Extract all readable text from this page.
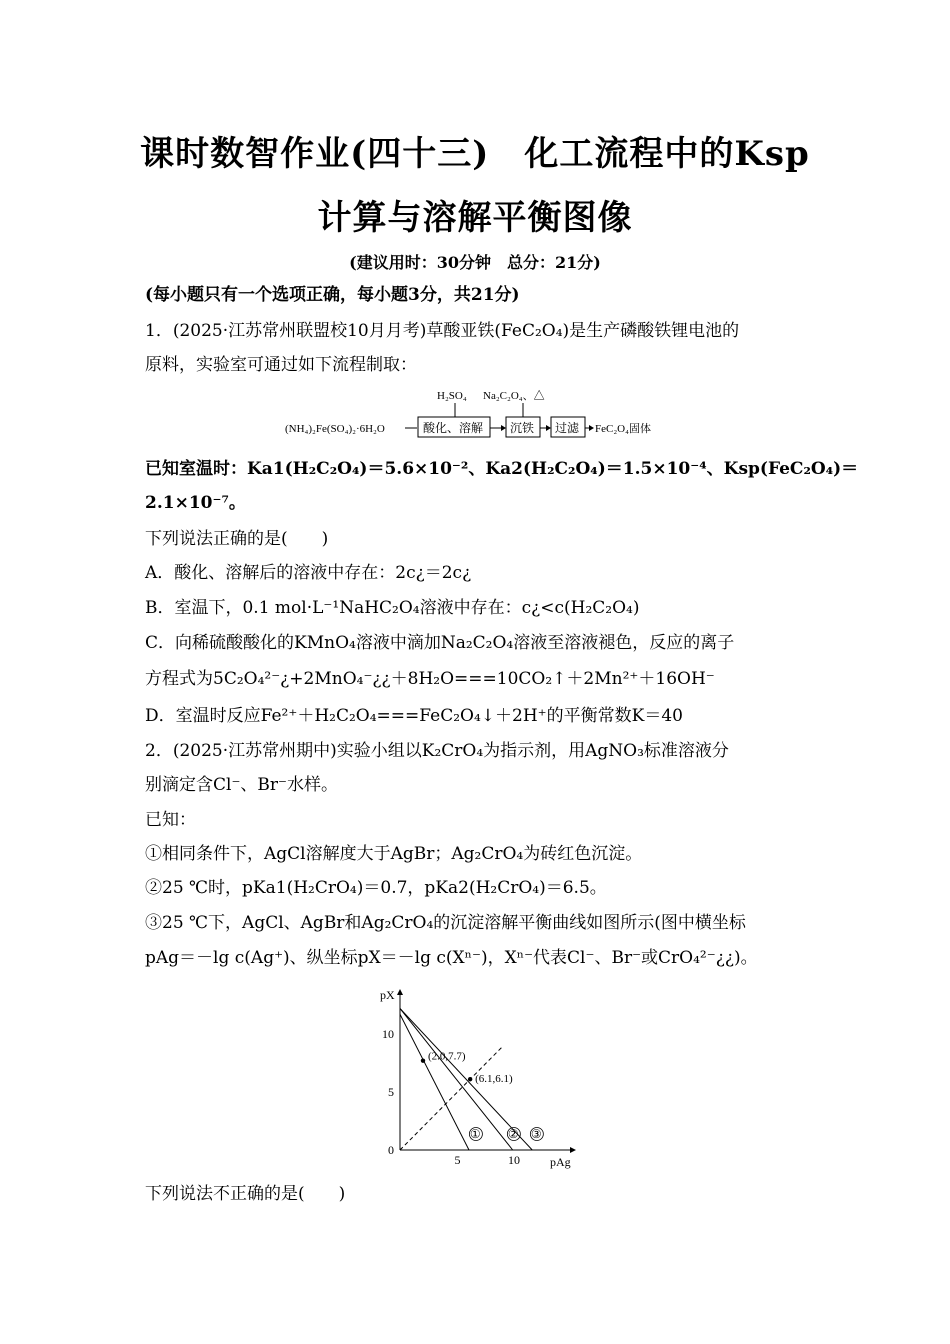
课时数智作业(四十三)　化工流程中的Ksp
计算与溶解平衡图像
(建议用时：30分钟　总分：21分)
(每小题只有一个选项正确，每小题3分，共21分)
1．(2025·江苏常州联盟校10月月考)草酸亚铁(FeC₂O₄)是生产磷酸铁锂电池的
原料，实验室可通过如下流程制取：
H₂SO₄ Na₂C₂O₄、△
(NH₄)₂Fe(SO₄)₂·6H₂O	酸化、溶解 沉铁 过滤 FeC₂O₄固体
已知室温时：Ka1(H₂C₂O₄)＝5.6×10⁻²、Ka2(H₂C₂O₄)＝1.5×10⁻⁴、Ksp(FeC₂O₄)＝
2.1×10⁻⁷。
下列说法正确的是(　　)
A．酸化、溶解后的溶液中存在：2c¿＝2c¿
B．室温下，0.1 mol·L⁻¹NaHC₂O₄溶液中存在：c¿<c(H₂C₂O₄)
C．向稀硫酸酸化的KMnO₄溶液中滴加Na₂C₂O₄溶液至溶液褪色，反应的离子
方程式为5C₂O₄²⁻¿+2MnO₄⁻¿¿＋8H₂O===10CO₂↑＋2Mn²⁺＋16OH⁻
D．室温时反应Fe²⁺＋H₂C₂O₄===FeC₂O₄↓＋2H⁺的平衡常数K＝40
2．(2025·江苏常州期中)实验小组以K₂CrO₄为指示剂，用AgNO₃标准溶液分
别滴定含Cl⁻、Br⁻水样。
已知：
①相同条件下，AgCl溶解度大于AgBr；Ag₂CrO₄为砖红色沉淀。
②25 ℃时，pKa1(H₂CrO₄)＝0.7，pKa2(H₂CrO₄)＝6.5。
③25 ℃下，AgCl、AgBr和Ag₂CrO₄的沉淀溶解平衡曲线如图所示(图中横坐标
pAg＝－lg c(Ag⁺)、纵坐标pX＝－lg c(Xⁿ⁻)，Xⁿ⁻代表Cl⁻、Br⁻或CrO₄²⁻¿¿)。
pX
pAg
0
5	10
5
10
(2.0,7.7)
(6.1,6.1)
① ② ③
下列说法不正确的是(　　)
